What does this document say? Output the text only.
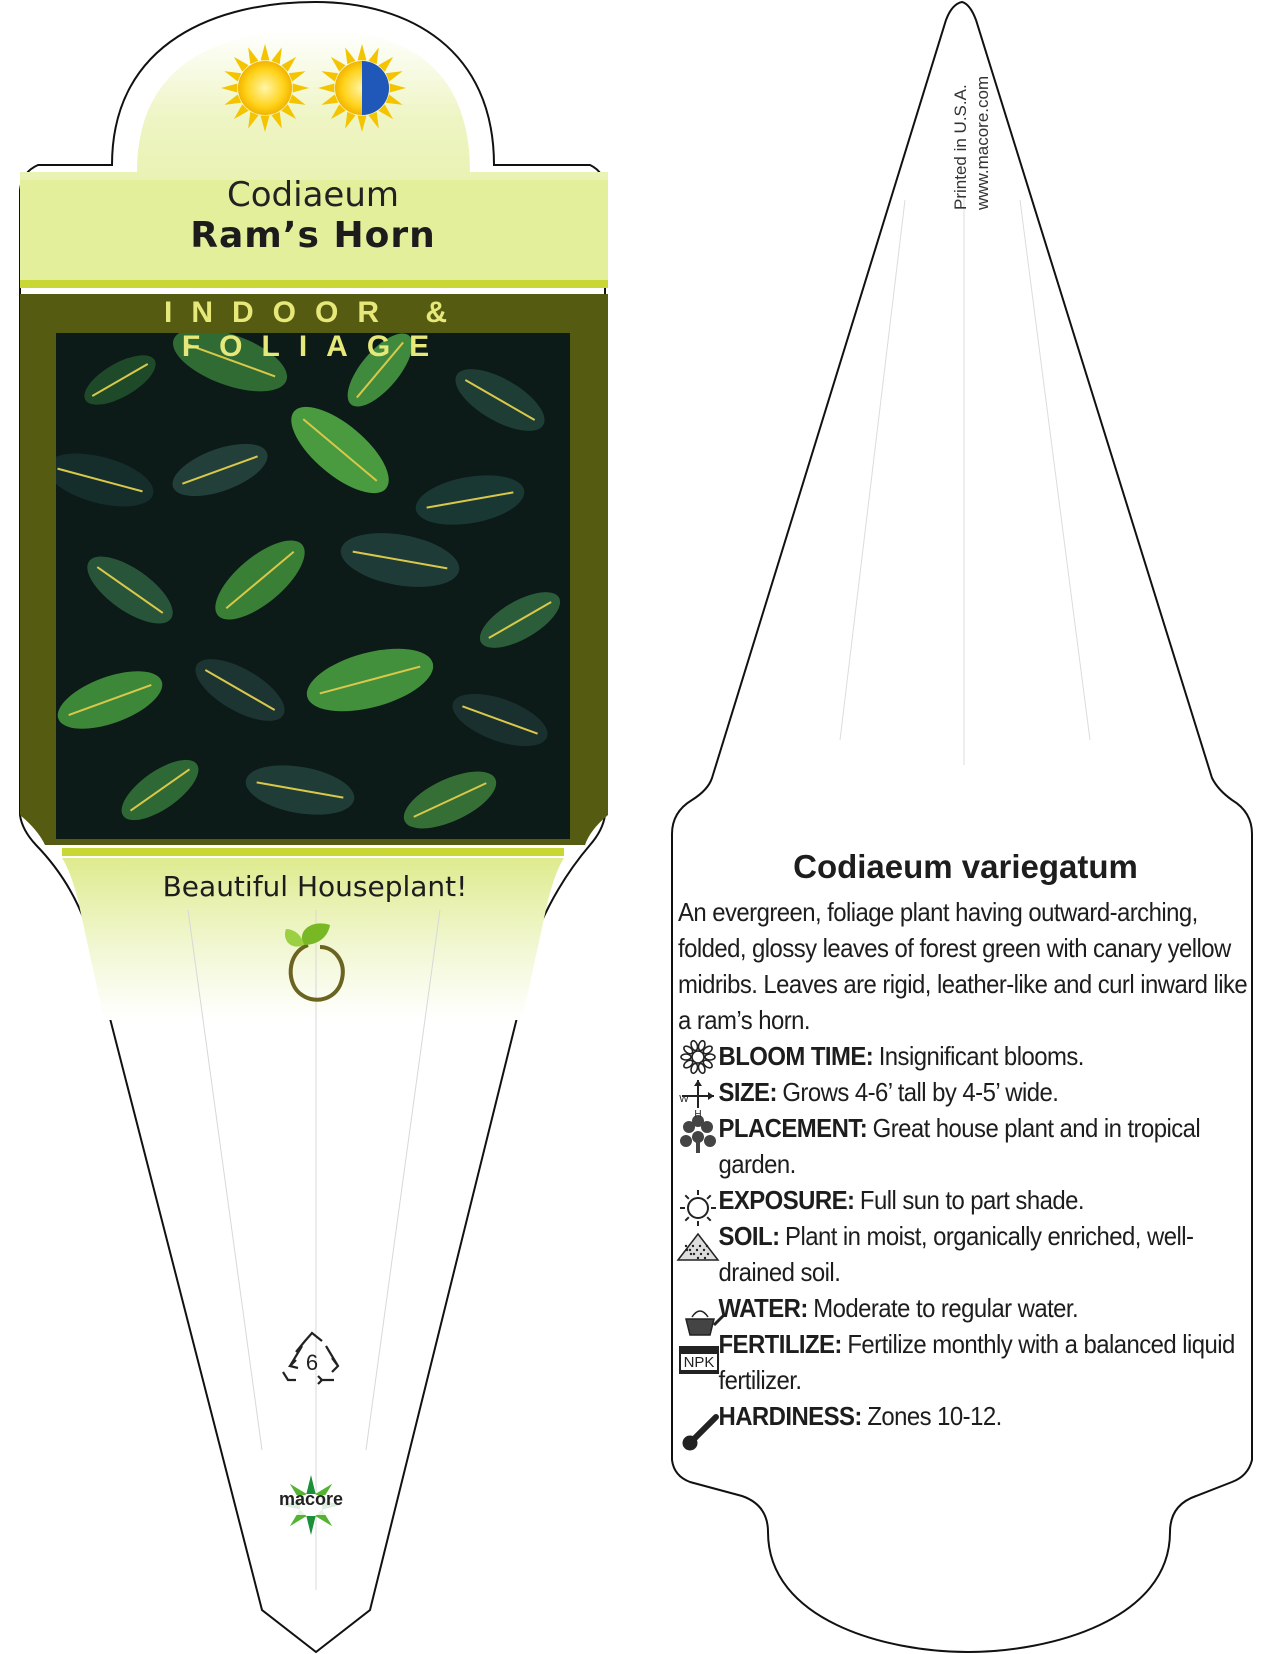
NPK
W
H
Codiaeum
Ram’s Horn
INDOOR & FOLIAGE
Beautiful Houseplant!
6
macore
Printed in U.S.A. www.macore.com
Codiaeum variegatum
An evergreen, foliage plant having outward-arching, folded, glossy leaves of forest green with canary yellow midribs. Leaves are rigid, leather-like and curl inward like a ram’s horn.
BLOOM TIME: Insignificant blooms.
SIZE: Grows 4-6’ tall by 4-5’ wide.
PLACEMENT: Great house plant and in tropical garden.
EXPOSURE: Full sun to part shade.
SOIL: Plant in moist, organically enriched, well-drained soil.
WATER: Moderate to regular water.
FERTILIZE: Fertilize monthly with a balanced liquid fertilizer.
HARDINESS: Zones 10-12.
